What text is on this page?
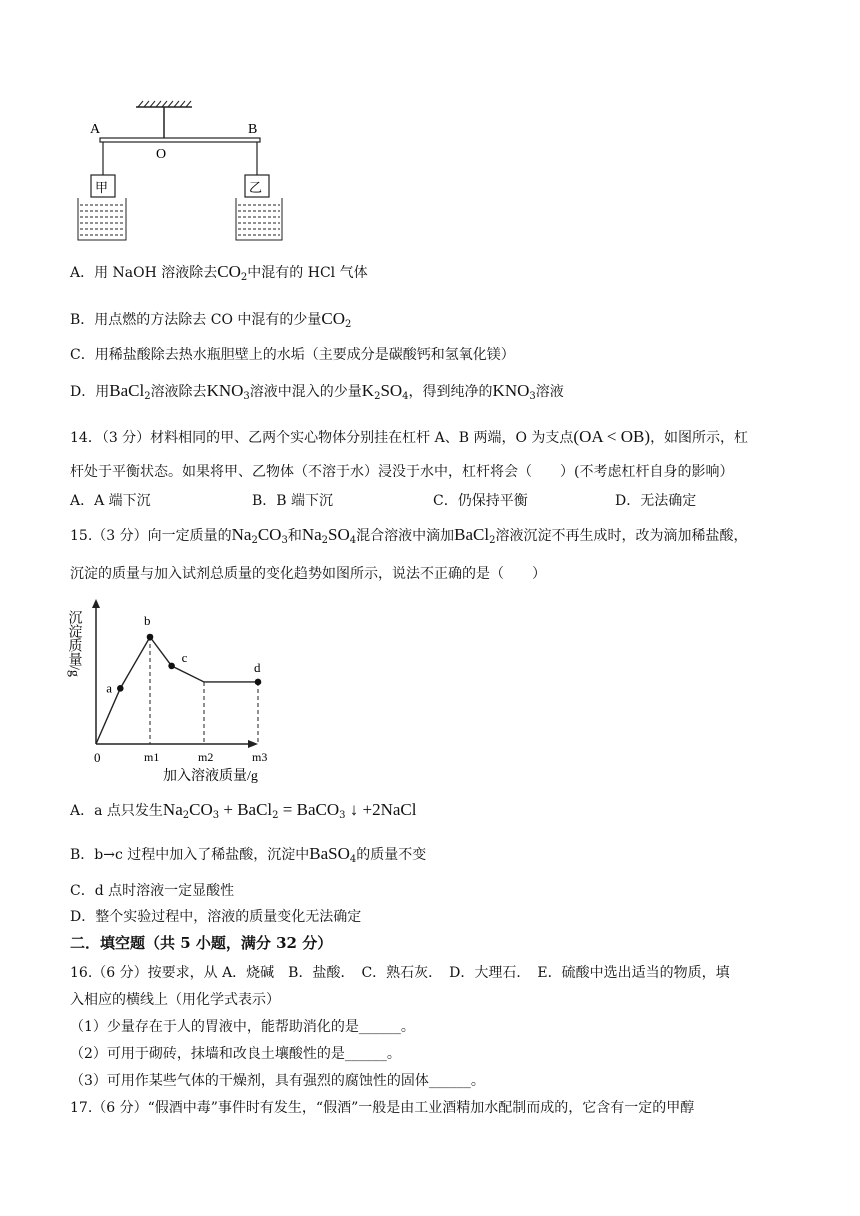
A	B
O
甲	乙
A．用 NaOH 溶液除去$CO_2$中混有的 HCl 气体
B．用点燃的方法除去 CO 中混有的少量$CO_2$
C．用稀盐酸除去热水瓶胆壁上的水垢（主要成分是碳酸钙和氢氧化镁）
D．用BaCl$_2$溶液除去$KNO_3$溶液中混入的少量$K_2SO_4$，得到纯净的$KNO_3$溶液
14．（3 分）材料相同的甲、乙两个实心物体分别挂在杠杆 A、B 两端，O 为支点(OA < OB)，如图所示，杠
杆处于平衡状态。如果将甲、乙物体（不溶于水）浸没于水中，杠杆将会（　　）(不考虑杠杆自身的影响）
A．A 端下沉	B．B 端下沉	C．仍保持平衡	D．无法确定
15.（3 分）向一定质量的$Na_2CO_3$和$Na_2SO_4$混合溶液中滴加BaCl$_2$溶液沉淀不再生成时，改为滴加稀盐酸，
沉淀的质量与加入试剂总质量的变化趋势如图所示，说法不正确的是（　　）
沉淀质量/g
0
加入溶液质量/g
m1	m2	m3
a
b
c
d
A．a 点只发生$Na_2CO_3$ + BaCl$_2$ = BaCO$_3$ ↓ +2NaCl
B．b→c 过程中加入了稀盐酸，沉淀中BaSO$_4$的质量不变
C．d 点时溶液一定显酸性
D．整个实验过程中，溶液的质量变化无法确定
二．填空题（共 5 小题，满分 32 分）
16.（6 分）按要求，从 A．烧碱　B．盐酸．　C．熟石灰．　D．大理石．　E．硫酸中选出适当的物质，填
入相应的横线上（用化学式表示）
（1）少量存在于人的胃液中，能帮助消化的是______。
（2）可用于砌砖，抹墙和改良土壤酸性的是______。
（3）可用作某些气体的干燥剂，具有强烈的腐蚀性的固体______。
17.（6 分）“假酒中毒”事件时有发生，“假酒”一般是由工业酒精加水配制而成的，它含有一定的甲醇
